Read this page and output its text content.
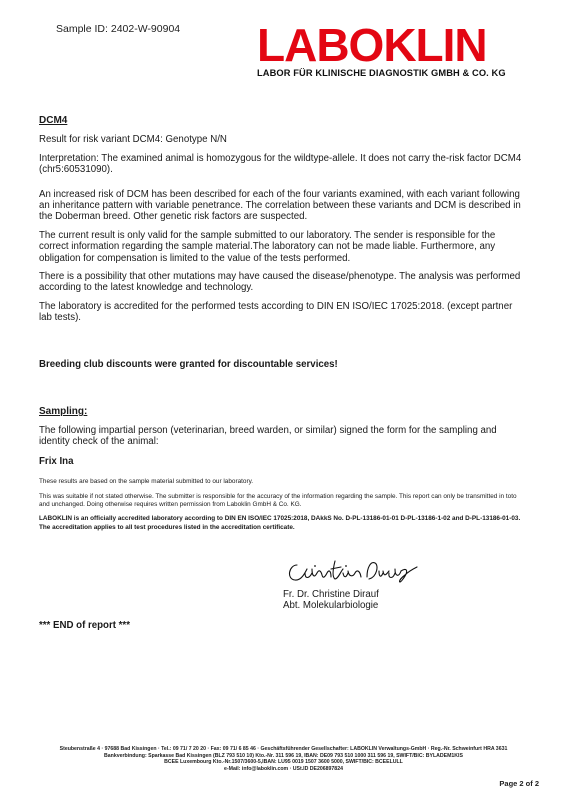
Sample ID: 2402-W-90904 LABOKLIN
LABOR FÜR KLINISCHE DIAGNOSTIK GMBH & CO. KG

DCM4

Result for risk variant DCM4: Genotype N/N

Interpretation: The examined animal is homozygous for the wildtype-allele. It does not carry the-risk factor DCM4 (chr5:60531090).

An increased risk of DCM has been described for each of the four variants examined, with each variant following an inheritance pattern with variable penetrance. The correlation between these variants and DCM is described in the Doberman breed. Other genetic risk factors are suspected.

The current result is only valid for the sample submitted to our laboratory. The sender is responsible for the correct information regarding the sample material.The laboratory can not be made liable. Furthermore, any obligation for compensation is limited to the value of the tests performed.

There is a possibility that other mutations may have caused the disease/phenotype. The analysis was performed according to the latest knowledge and technology.

The laboratory is accredited for the performed tests according to DIN EN ISO/IEC 17025:2018. (except partner lab tests).

Breeding club discounts were granted for discountable services!

Sampling:

The following impartial person (veterinarian, breed warden, or similar) signed the form for the sampling and identity check of the animal:

Frix Ina

These results are based on the sample material submitted to our laboratory.

This was suitable if not stated otherwise. The submitter is responsible for the accuracy of the information regarding the sample. This report can only be transmitted in toto and unchanged. Doing otherwise requires written permission from Laboklin GmbH & Co. KG.

LABOKLIN is an officially accredited laboratory according to DIN EN ISO/IEC 17025:2018, DAkkS No. D-PL-13186-01-01 D-PL-13186-1-02 and D-PL-13186-01-03. The accreditation applies to all test procedures listed in the accreditation certificate.

Fr. Dr. Christine Dirauf
Abt. Molekularbiologie
*** END of report ***
Steubenstraße 4 · 97688 Bad Kissingen · Tel.: 09 71/ 7 20 20 · Fax: 09 71/ 6 85 46 · Geschäftsführender Gesellschafter: LABOKLIN Verwaltungs-GmbH · Reg.-Nr. Schweinfurt HRA 3631
Bankverbindung: Sparkasse Bad Kissingen (BLZ 793 510 10) Kto.-Nr. 311 596 19, IBAN: DE09 793 510 1000 311 596 19, SWIFT/BIC: BYLADEM1KIS
BCEE Luxembourg Kto.-Nr.1507/3600-5,IBAN: LU95 0019 1507 3600 5000, SWIFT/BIC: BCEELULL
e-Mail: info@laboklin.com · USt.ID DE206897824
Page 2 of 2
